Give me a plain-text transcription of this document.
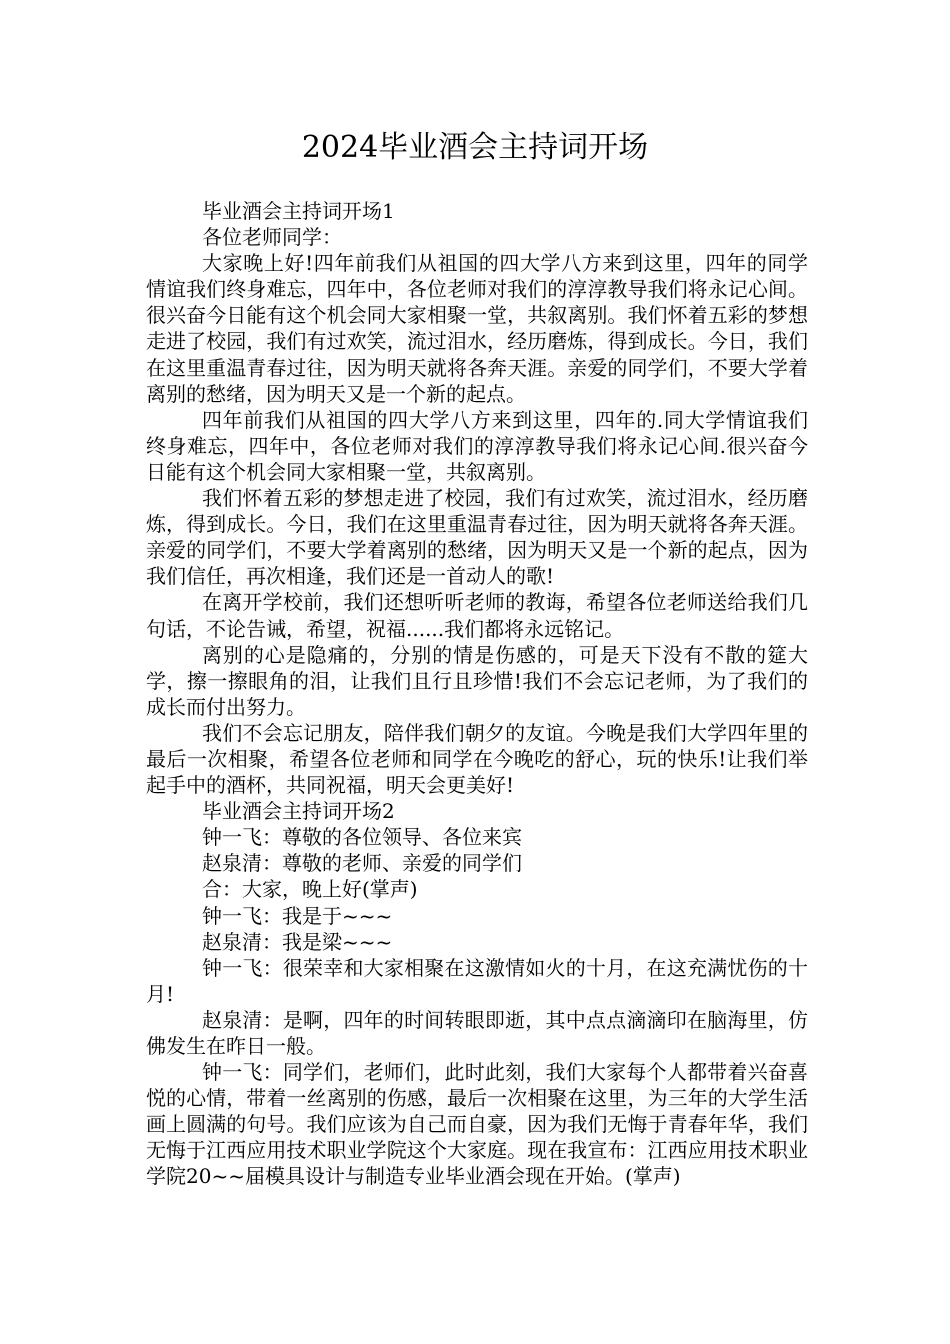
2024毕业酒会主持词开场

毕业酒会主持词开场1

各位老师同学：

大家晚上好!四年前我们从祖国的四大学八方来到这里，四年的同学情谊我们终身难忘，四年中，各位老师对我们的淳淳教导我们将永记心间。很兴奋今日能有这个机会同大家相聚一堂，共叙离别。我们怀着五彩的梦想走进了校园，我们有过欢笑，流过泪水，经历磨炼，得到成长。今日，我们在这里重温青春过往，因为明天就将各奔天涯。亲爱的同学们，不要大学着离别的愁绪，因为明天又是一个新的起点。

四年前我们从祖国的四大学八方来到这里，四年的.同大学情谊我们终身难忘，四年中，各位老师对我们的淳淳教导我们将永记心间.很兴奋今日能有这个机会同大家相聚一堂，共叙离别。

我们怀着五彩的梦想走进了校园，我们有过欢笑，流过泪水，经历磨炼，得到成长。今日，我们在这里重温青春过往，因为明天就将各奔天涯。亲爱的同学们，不要大学着离别的愁绪，因为明天又是一个新的起点，因为我们信任，再次相逢，我们还是一首动人的歌!

在离开学校前，我们还想听听老师的教诲，希望各位老师送给我们几句话，不论告诫，希望，祝福......我们都将永远铭记。

离别的心是隐痛的，分别的情是伤感的，可是天下没有不散的筵大学，擦一擦眼角的泪，让我们且行且珍惜!我们不会忘记老师，为了我们的成长而付出努力。

我们不会忘记朋友，陪伴我们朝夕的友谊。今晚是我们大学四年里的最后一次相聚，希望各位老师和同学在今晚吃的舒心，玩的快乐!让我们举起手中的酒杯，共同祝福，明天会更美好!

毕业酒会主持词开场2

钟一飞：尊敬的各位领导、各位来宾

赵泉清：尊敬的老师、亲爱的同学们

合：大家，晚上好(掌声)

钟一飞：我是于~~~

赵泉清：我是梁~~~

钟一飞：很荣幸和大家相聚在这激情如火的十月，在这充满忧伤的十月!

赵泉清：是啊，四年的时间转眼即逝，其中点点滴滴印在脑海里，仿佛发生在昨日一般。

钟一飞：同学们，老师们，此时此刻，我们大家每个人都带着兴奋喜悦的心情，带着一丝离别的伤感，最后一次相聚在这里，为三年的大学生活画上圆满的句号。我们应该为自己而自豪，因为我们无悔于青春年华，我们无悔于江西应用技术职业学院这个大家庭。现在我宣布：江西应用技术职业学院20~~届模具设计与制造专业毕业酒会现在开始。(掌声)
